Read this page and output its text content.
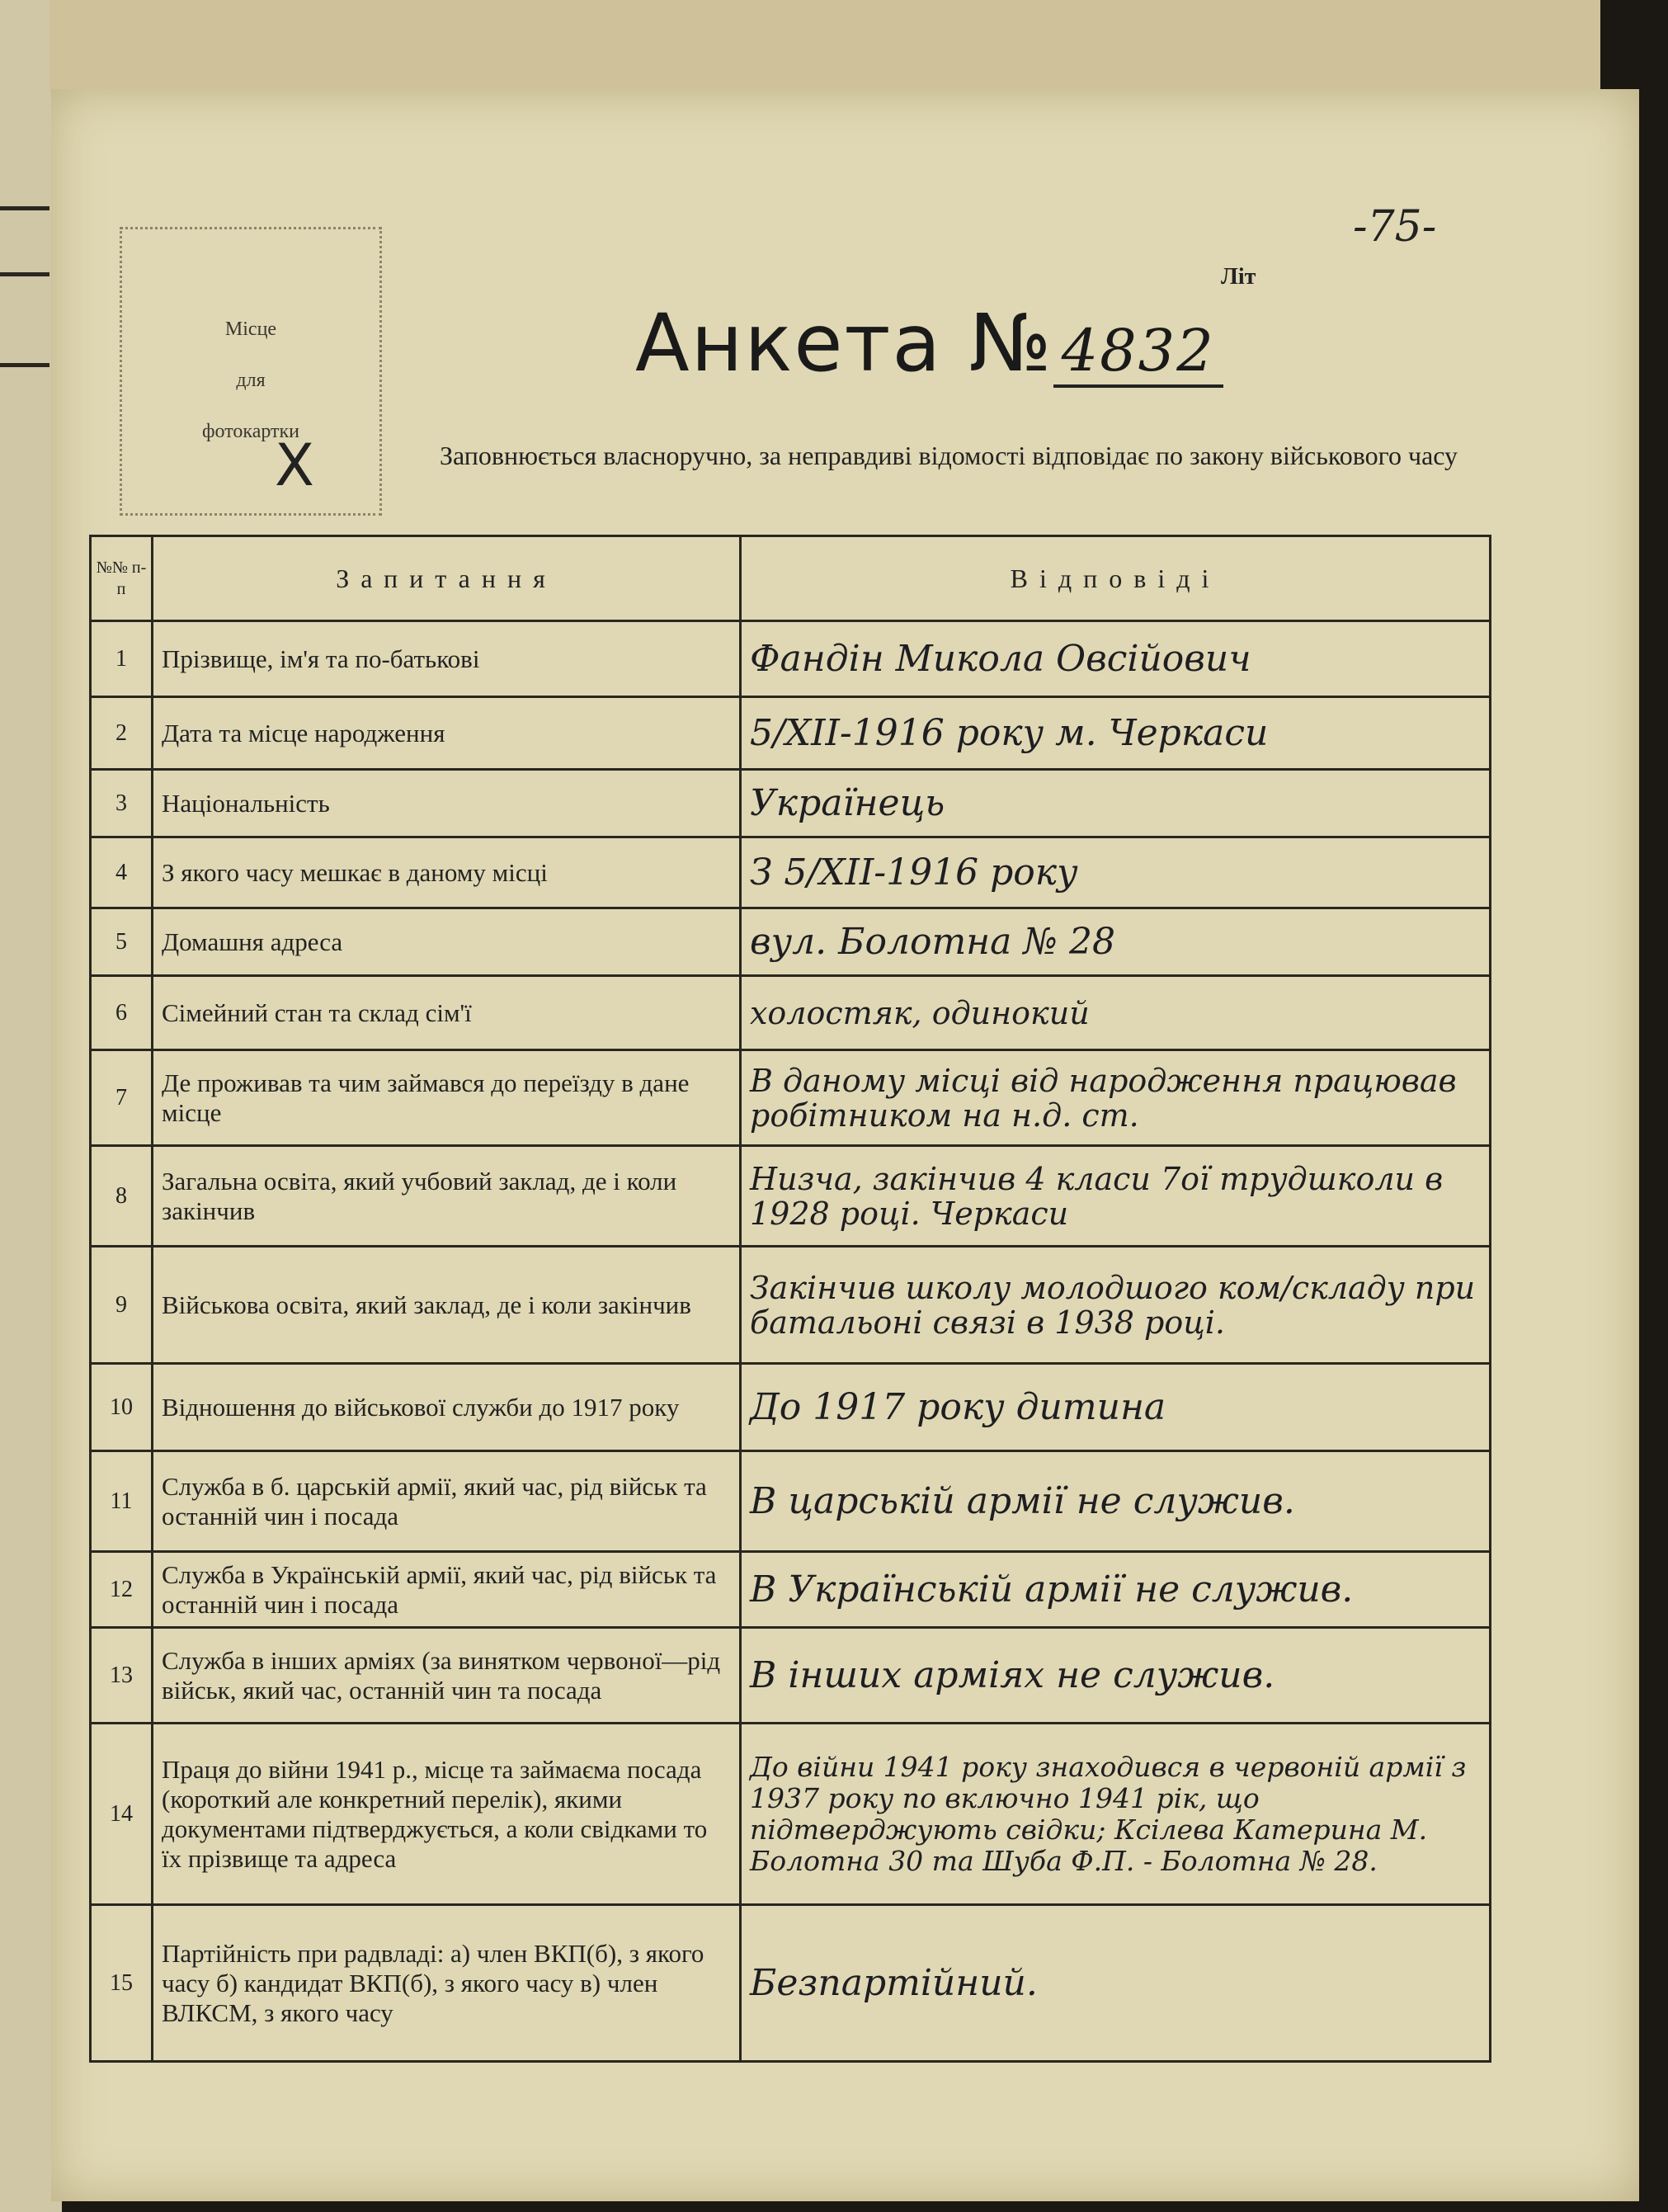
Місце
для
фотокартки
X
-75-
Літ
Анкета № 4832
Заповнюється власноручно, за неправдиві відомості відповідає по закону військового часу
№№ п-п	Запитання	Відповіді
1	Прізвище, ім'я та по-батькові	Фандін Микола Овсійович
2	Дата та місце народження	5/XII-1916 року м. Черкаси
3	Національність	Українець
4	З якого часу мешкає в даному місці	З 5/XII-1916 року
5	Домашня адреса	вул. Болотна № 28
6	Сімейний стан та склад сім'ї	холостяк, одинокий
7	Де проживав та чим займався до переїзду в дане місце	В даному місці від народження працював робітником на н.д. ст.
8	Загальна освіта, який учбовий заклад, де і коли закінчив	Низча, закінчив 4 класи 7ої трудшколи в 1928 році. Черкаси
9	Військова освіта, який заклад, де і коли закінчив	Закінчив школу молодшого ком/складу при батальоні связі в 1938 році.
10	Відношення до військової служби до 1917 року	До 1917 року дитина
11	Служба в б. царській армії, який час, рід військ та останній чин і посада	В царській армії не служив.
12	Служба в Українській армії, який час, рід військ та останній чин і посада	В Українській армії не служив.
13	Служба в інших арміях (за винятком червоної—рід військ, який час, останній чин та посада	В інших арміях не служив.
14	Праця до війни 1941 р., місце та займаєма посада (короткий але конкретний перелік), якими документами підтверджується, а коли свідками то їх прізвище та адреса	До війни 1941 року знаходився в червоній армії з 1937 року по включно 1941 рік, що підтверджують свідки; Ксілева Катерина М. Болотна 30 та Шуба Ф.П. - Болотна № 28.
15	Партійність при радвладі: а) член ВКП(б), з якого часу б) кандидат ВКП(б), з якого часу в) член ВЛКСМ, з якого часу	Безпартійний.
